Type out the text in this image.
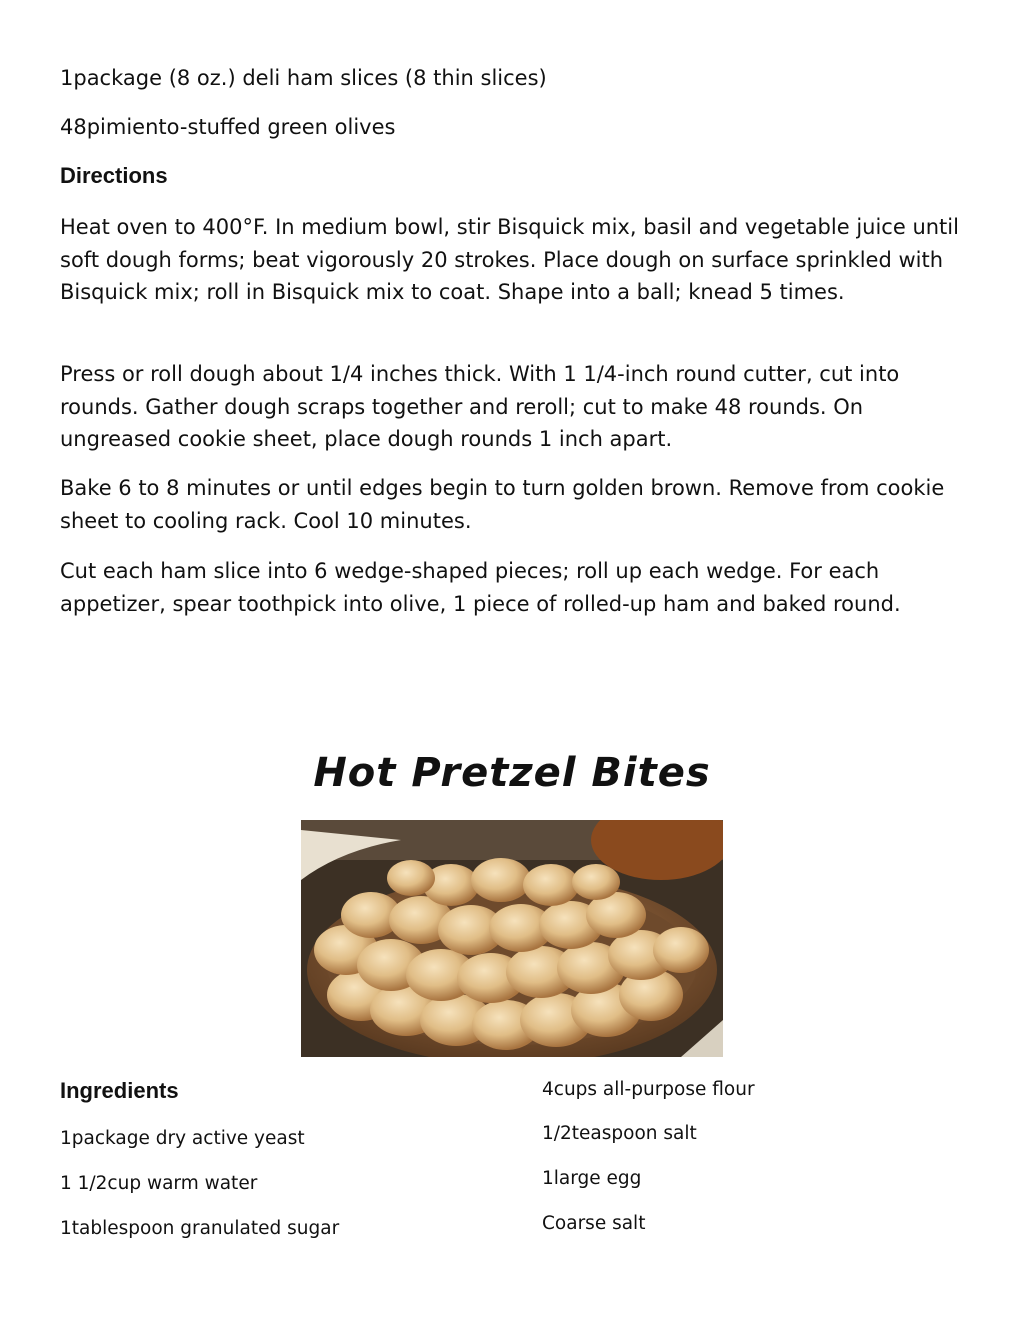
1package (8 oz.) deli ham slices (8 thin slices)

48pimiento-stuffed green olives

Directions

Heat oven to 400°F. In medium bowl, stir Bisquick mix, basil and vegetable juice until soft dough forms; beat vigorously 20 strokes. Place dough on surface sprinkled with Bisquick mix; roll in Bisquick mix to coat. Shape into a ball; knead 5 times.

Press or roll dough about 1/4 inches thick. With 1 1/4-inch round cutter, cut into rounds. Gather dough scraps together and reroll; cut to make 48 rounds. On ungreased cookie sheet, place dough rounds 1 inch apart.

Bake 6 to 8 minutes or until edges begin to turn golden brown. Remove from cookie sheet to cooling rack. Cool 10 minutes.

Cut each ham slice into 6 wedge-shaped pieces; roll up each wedge. For each appetizer, spear toothpick into olive, 1 piece of rolled-up ham and baked round.

Hot Pretzel Bites
Ingredients

1package dry active yeast

1 1/2cup warm water

1tablespoon granulated sugar

4cups all-purpose flour

1/2teaspoon salt

1large egg

Coarse salt
